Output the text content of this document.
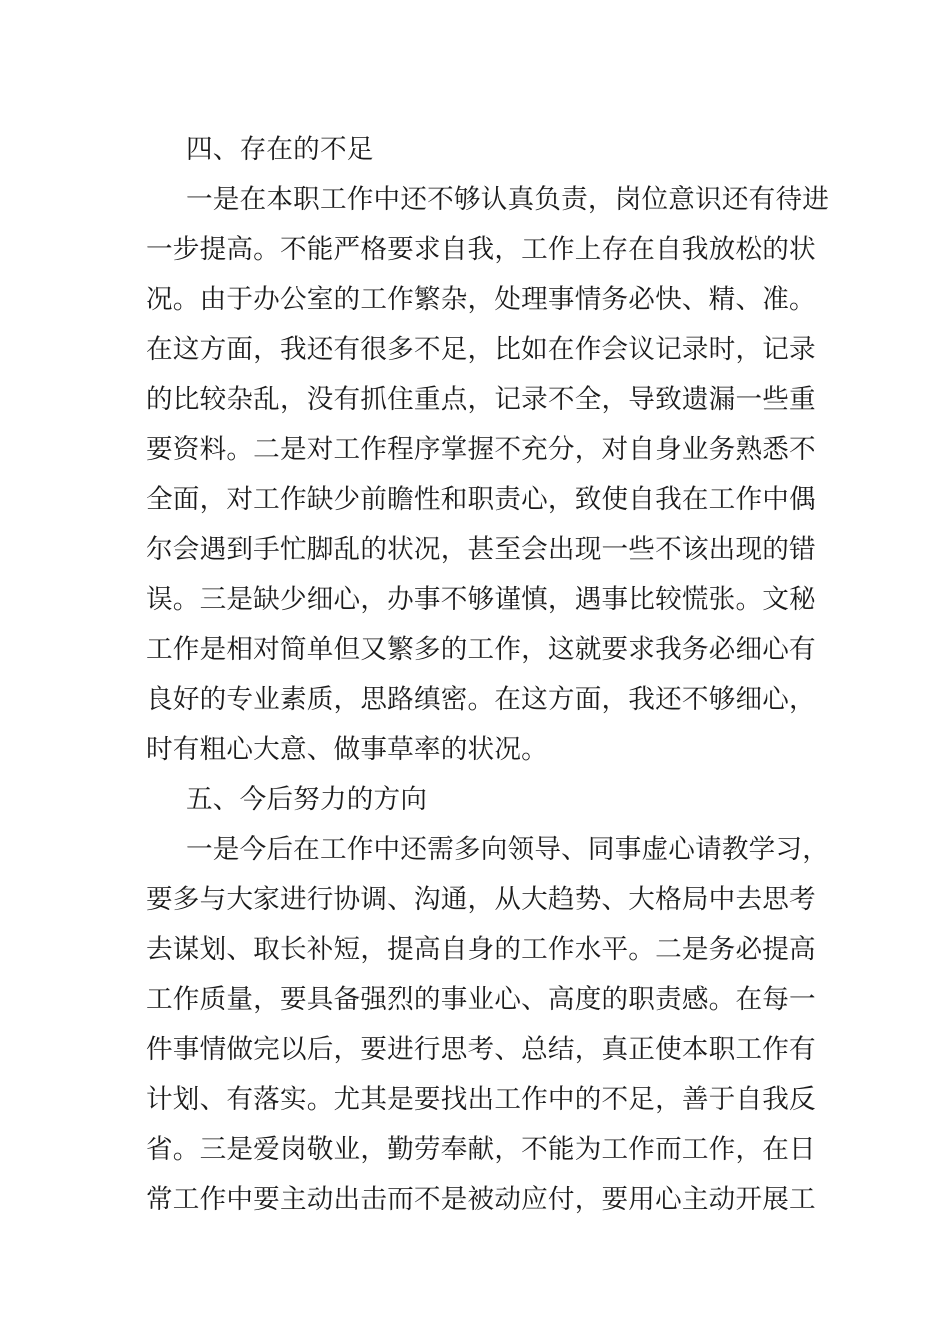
四、存在的不足
一是在本职工作中还不够认真负责，岗位意识还有待进
一步提高。不能严格要求自我，工作上存在自我放松的状
况。由于办公室的工作繁杂，处理事情务必快、精、准。
在这方面，我还有很多不足，比如在作会议记录时，记录
的比较杂乱，没有抓住重点，记录不全，导致遗漏一些重
要资料。二是对工作程序掌握不充分，对自身业务熟悉不
全面，对工作缺少前瞻性和职责心，致使自我在工作中偶
尔会遇到手忙脚乱的状况，甚至会出现一些不该出现的错
误。三是缺少细心，办事不够谨慎，遇事比较慌张。文秘
工作是相对简单但又繁多的工作，这就要求我务必细心有
良好的专业素质，思路缜密。在这方面，我还不够细心，
时有粗心大意、做事草率的状况。
五、今后努力的方向
一是今后在工作中还需多向领导、同事虚心请教学习，
要多与大家进行协调、沟通，从大趋势、大格局中去思考
去谋划、取长补短，提高自身的工作水平。二是务必提高
工作质量，要具备强烈的事业心、高度的职责感。在每一
件事情做完以后，要进行思考、总结，真正使本职工作有
计划、有落实。尤其是要找出工作中的不足，善于自我反
省。三是爱岗敬业，勤劳奉献，不能为工作而工作，在日
常工作中要主动出击而不是被动应付，要用心主动开展工
